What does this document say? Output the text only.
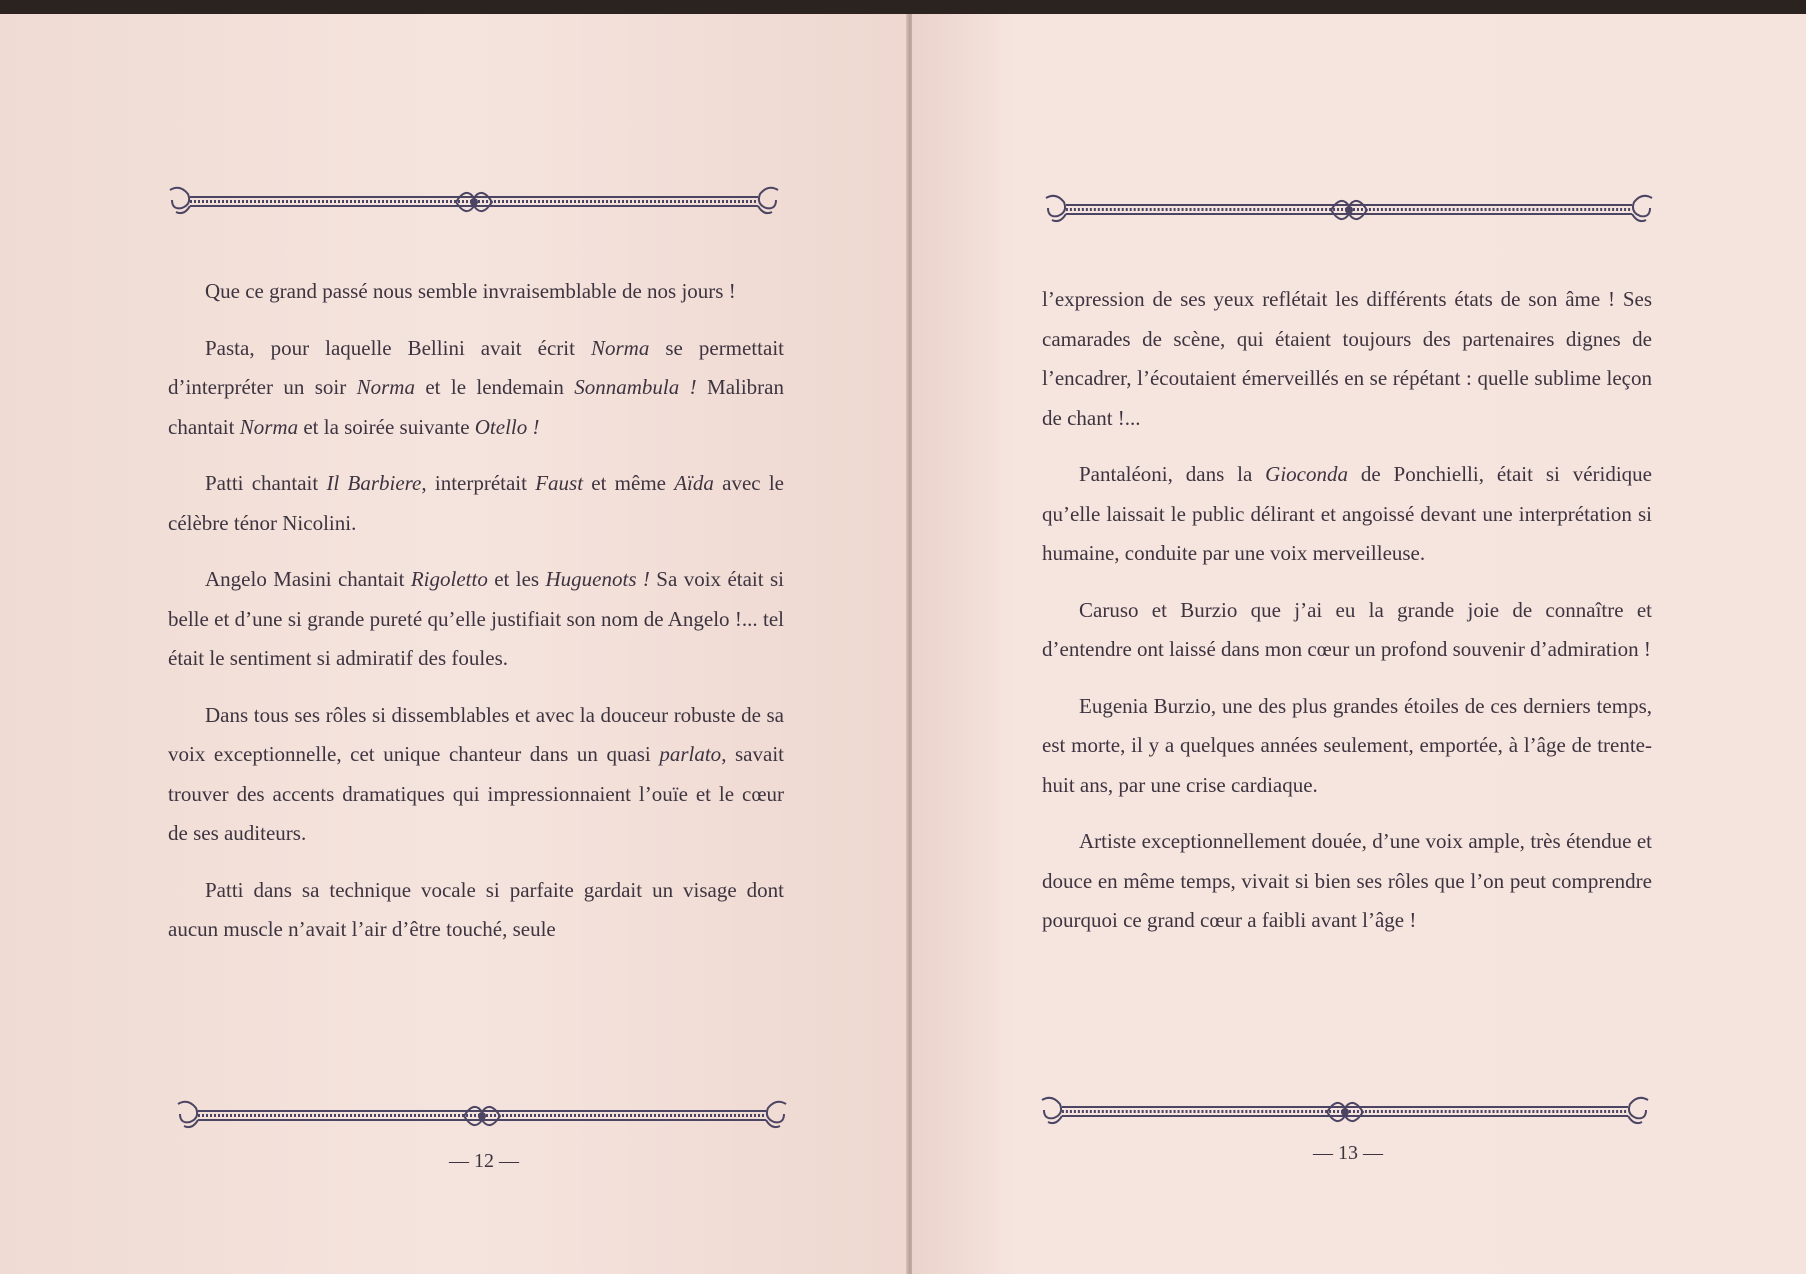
Que ce grand passé nous semble invraisemblable de nos jours !

Pasta, pour laquelle Bellini avait écrit Norma se permettait d’interpréter un soir Norma et le lendemain Sonnambula ! Malibran chantait Norma et la soirée suivante Otello !

Patti chantait Il Barbiere, interprétait Faust et même Aïda avec le célèbre ténor Nicolini.

Angelo Masini chantait Rigoletto et les Huguenots ! Sa voix était si belle et d’une si grande pureté qu’elle justifiait son nom de Angelo !... tel était le sentiment si admiratif des foules.

Dans tous ses rôles si dissemblables et avec la douceur robuste de sa voix exceptionnelle, cet unique chanteur dans un quasi parlato, savait trouver des accents dramatiques qui impressionnaient l’ouïe et le cœur de ses auditeurs.

Patti dans sa technique vocale si parfaite gardait un visage dont aucun muscle n’avait l’air d’être touché, seule

— 12 —

l’expression de ses yeux reflétait les différents états de son âme ! Ses camarades de scène, qui étaient toujours des partenaires dignes de l’encadrer, l’écoutaient émerveillés en se répétant : quelle sublime leçon de chant !...

Pantaléoni, dans la Gioconda de Ponchielli, était si véridique qu’elle laissait le public délirant et angoissé devant une interprétation si humaine, conduite par une voix merveilleuse.

Caruso et Burzio que j’ai eu la grande joie de connaître et d’entendre ont laissé dans mon cœur un profond souvenir d’admiration !

Eugenia Burzio, une des plus grandes étoiles de ces derniers temps, est morte, il y a quelques années seulement, emportée, à l’âge de trente-huit ans, par une crise cardiaque.

Artiste exceptionnellement douée, d’une voix ample, très étendue et douce en même temps, vivait si bien ses rôles que l’on peut comprendre pourquoi ce grand cœur a faibli avant l’âge !

— 13 —
